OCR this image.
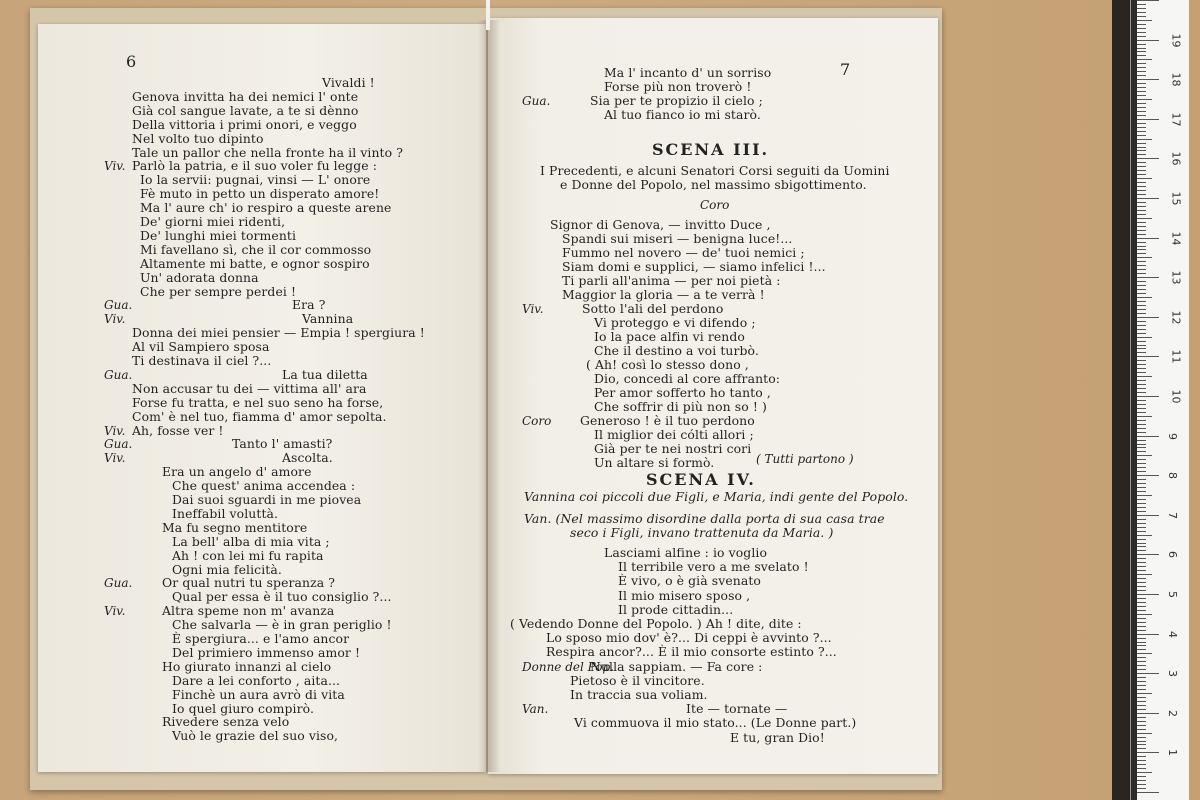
6
Vivaldi !
Genova invitta ha dei nemici l' onte
Già col sangue lavate, a te si dènno
Della vittoria i primi onori, e veggo
Nel volto tuo dipinto
Tale un pallor che nella fronte ha il vinto ?
Viv. Parlò la patria, e il suo voler fu legge :
Io la servii: pugnai, vinsi — L' onore
Fè muto in petto un disperato amore!
Ma l' aure ch' io respiro a queste arene
De' giorni miei ridenti,
De' lunghi miei tormenti
Mi favellano sì, che il cor commosso
Altamente mi batte, e ognor sospiro
Un' adorata donna
Che per sempre perdei !
Gua.	Era ?
Viv.	Vannina
Donna dei miei pensier — Empia ! spergiura !
Al vil Sampiero sposa
Ti destinava il ciel ?...
Gua.	La tua diletta
Non accusar tu dei — vittima all' ara
Forse fu tratta, e nel suo seno ha forse,
Com' è nel tuo, fiamma d' amor sepolta.
Viv. Ah, fosse ver !
Gua.	Tanto l' amasti?
Viv.	Ascolta.
Era un angelo d' amore
Che quest' anima accendea :
Dai suoi sguardi in me piovea
Ineffabil voluttà.
Ma fu segno mentitore
La bell' alba di mia vita ;
Ah ! con lei mi fu rapita
Ogni mia felicità.
Gua. Or qual nutri tu speranza ?
Qual per essa è il tuo consiglio ?...
Viv.	Altra speme non m' avanza
Che salvarla — è in gran periglio !
È spergiura... e l'amo ancor
Del primiero immenso amor !
Ho giurato innanzi al cielo
Dare a lei conforto , aita...
Finchè un aura avrò di vita
Io quel giuro compirò.
Rivedere senza velo
Vuò le grazie del suo viso,
7
Ma l' incanto d' un sorriso
Forse più non troverò !
Gua.	Sia per te propizio il cielo ;
Al tuo fianco io mi starò.
SCENA III.
I Precedenti, e alcuni Senatori Corsi seguiti da Uomini
e Donne del Popolo, nel massimo sbigottimento.
Coro
Signor di Genova, — invitto Duce ,
Spandi sui miseri — benigna luce!...
Fummo nel novero — de' tuoi nemici ;
Siam domi e supplici, — siamo infelici !...
Ti parli all'anima — per noi pietà :
Maggior la gloria — a te verrà !
Viv.	Sotto l'ali del perdono
Vi proteggo e vi difendo ;
Io la pace alfin vi rendo
Che il destino a voi turbò.
( Ah! così lo stesso dono ,
Dio, concedi al core affranto:
Per amor sofferto ho tanto ,
Che soffrir di più non so ! )
Coro Generoso ! è il tuo perdono
Il miglior dei cólti allori ;
Già per te nei nostri cori
Un altare si formò.	( Tutti partono )
SCENA IV.
Vannina coi piccoli due Figli, e Maria, indi gente del Popolo.
Van. (Nel massimo disordine dalla porta di sua casa trae
seco i Figli, invano trattenuta da Maria. )
Lasciami alfine : io voglio
Il terribile vero a me svelato !
È vivo, o è già svenato
Il mio misero sposo ,
Il prode cittadin...
( Vedendo Donne del Popolo. ) Ah ! dite, dite :
Lo sposo mio dov' è?... Di ceppi è avvinto ?...
Respira ancor?... È il mio consorte estinto ?...
Donne del Pop.
Nulla sappiam. — Fa core :
Pietoso è il vincitore.
In traccia sua voliam.
Van.	Ite — tornate —
Vi commuova il mio stato... (Le Donne part.)
E tu, gran Dio!
1
2
3
4
5
6
7
8
9
10
11
12
13
14
15
16
17
18
19
